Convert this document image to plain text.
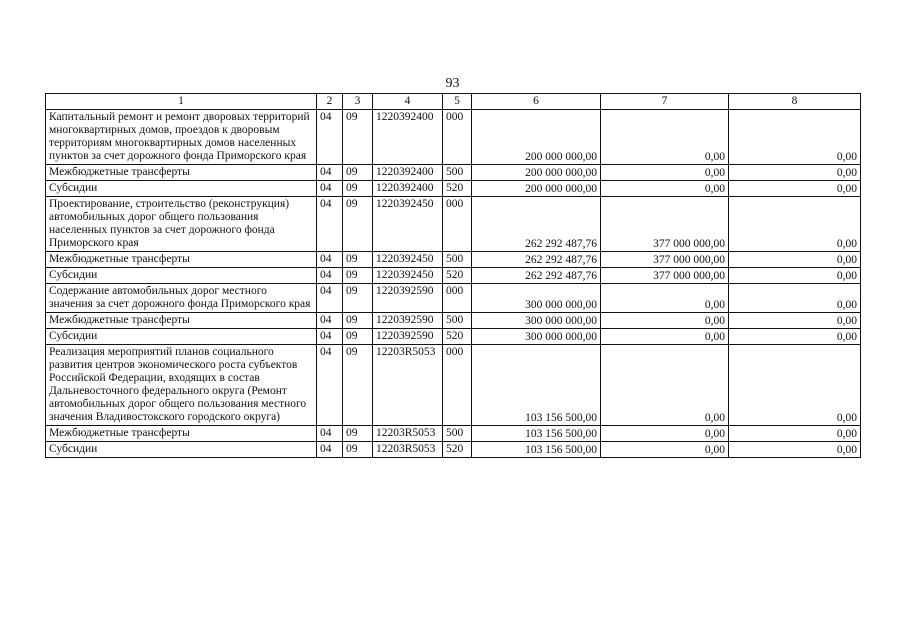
93
1	2	3	4	5	6	7	8
Капитальный ремонт и ремонт дворовых территорий многоквартирных домов, проездов к дворовым территориям многоквартирных домов населенных пунктов за счет дорожного фонда Приморского края	04	09	1220392400	000	200 000 000,00	0,00	0,00
Межбюджетные трансферты	04	09	1220392400	500	200 000 000,00	0,00	0,00
Субсидии	04	09	1220392400	520	200 000 000,00	0,00	0,00
Проектирование, строительство (реконструкция) автомобильных дорог общего пользования населенных пунктов за счет дорожного фонда Приморского края	04	09	1220392450	000	262 292 487,76	377 000 000,00	0,00
Межбюджетные трансферты	04	09	1220392450	500	262 292 487,76	377 000 000,00	0,00
Субсидии	04	09	1220392450	520	262 292 487,76	377 000 000,00	0,00
Содержание автомобильных дорог местного значения за счет дорожного фонда Приморского края	04	09	1220392590	000	300 000 000,00	0,00	0,00
Межбюджетные трансферты	04	09	1220392590	500	300 000 000,00	0,00	0,00
Субсидии	04	09	1220392590	520	300 000 000,00	0,00	0,00
Реализация мероприятий планов социального развития центров экономического роста субъектов Российской Федерации, входящих в состав Дальневосточного федерального округа (Ремонт автомобильных дорог общего пользования местного значения Владивостокского городского округа)	04	09	12203R5053	000	103 156 500,00	0,00	0,00
Межбюджетные трансферты	04	09	12203R5053	500	103 156 500,00	0,00	0,00
Субсидии	04	09	12203R5053	520	103 156 500,00	0,00	0,00
